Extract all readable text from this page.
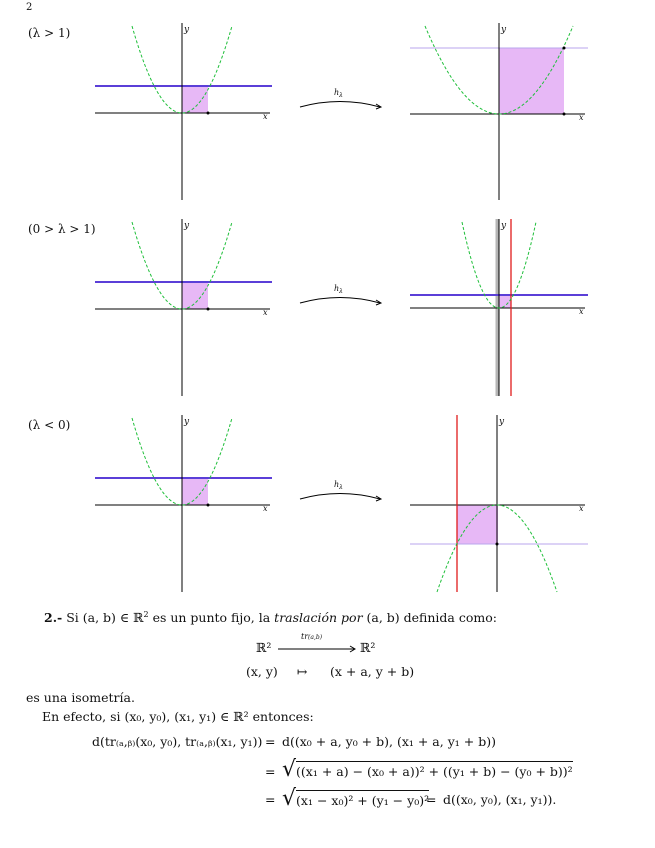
2
(λ > 1)	y
x
$h_\lambda$
y
x
(0 > λ > 1)	y
x
$h_\lambda$
y
x
(λ < 0)	y
x
$h_\lambda$
y
x
2.- Si (a, b) ∈ ℝ$^2$ es un punto fijo, la traslación por (a, b) definida como:
ℝ²
tr(a,b)
ℝ²
(x, y) ↦ (x + a, y + b)
es una isometría.
En efecto, si (x₀, y₀), (x₁, y₁) ∈ ℝ² entonces:
d(tr₍ₐ,ᵦ₎(x₀, y₀), tr₍ₐ,ᵦ₎(x₁, y₁)) = d((x₀ + a, y₀ + b), (x₁ + a, y₁ + b))
= √((x₁ + a) − (x₀ + a))² + ((y₁ + b) − (y₀ + b))²
= √(x₁ − x₀)² + (y₁ − y₀)²
= d((x₀, y₀), (x₁, y₁)).
